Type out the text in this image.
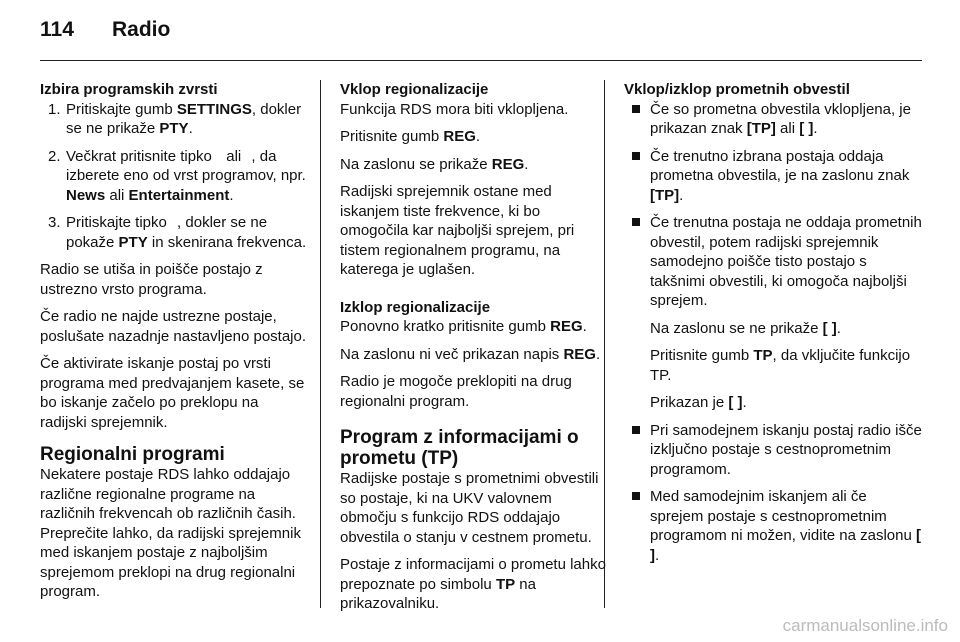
114 Radio
Izbira programskih zvrsti
1. Pritiskajte gumb SETTINGS, dokler se ne prikaže PTY.
2. Večkrat pritisnite tipko  ali , da izberete eno od vrst programov, npr. News ali Entertainment.
3. Pritiskajte tipko , dokler se ne pokaže PTY in skenirana frekvenca.
Radio se utiša in poišče postajo z ustrezno vrsto programa.
Če radio ne najde ustrezne postaje, poslušate nazadnje nastavljeno postajo.
Če aktivirate iskanje postaj po vrsti programa med predvajanjem kasete, se bo iskanje začelo po preklopu na radijski sprejemnik.
Regionalni programi
Nekatere postaje RDS lahko oddajajo različne regionalne programe na različnih frekvencah ob različnih časih. Preprečite lahko, da radijski sprejemnik med iskanjem postaje z najboljšim sprejemom preklopi na drug regionalni program.
Vklop regionalizacije
Funkcija RDS mora biti vklopljena.
Pritisnite gumb REG.
Na zaslonu se prikaže REG.
Radijski sprejemnik ostane med iskanjem tiste frekvence, ki bo omogočila kar najboljši sprejem, pri tistem regionalnem programu, na katerega je uglašen.
Izklop regionalizacije
Ponovno kratko pritisnite gumb REG.
Na zaslonu ni več prikazan napis REG.
Radio je mogoče preklopiti na drug regionalni program.
Program z informacijami o prometu (TP)
Radijske postaje s prometnimi obvestili so postaje, ki na UKV valovnem območju s funkcijo RDS oddajajo obvestila o stanju v cestnem prometu.
Postaje z informacijami o prometu lahko prepoznate po simbolu TP na prikazovalniku.
Vklop/izklop prometnih obvestil
Če so prometna obvestila vklopljena, je prikazan znak [TP] ali [ ].
Če trenutno izbrana postaja oddaja prometna obvestila, je na zaslonu znak [TP].
Če trenutna postaja ne oddaja prometnih obvestil, potem radijski sprejemnik samodejno poišče tisto postajo s takšnimi obvestili, ki omogoča najboljši sprejem.
Na zaslonu se ne prikaže [ ].
Pritisnite gumb TP, da vključite funkcijo TP.
Prikazan je [ ].
Pri samodejnem iskanju postaj radio išče izključno postaje s cestnoprometnim programom.
Med samodejnim iskanjem ali če sprejem postaje s cestnoprometnim programom ni možen, vidite na zaslonu [ ].
carmanualsonline.info
